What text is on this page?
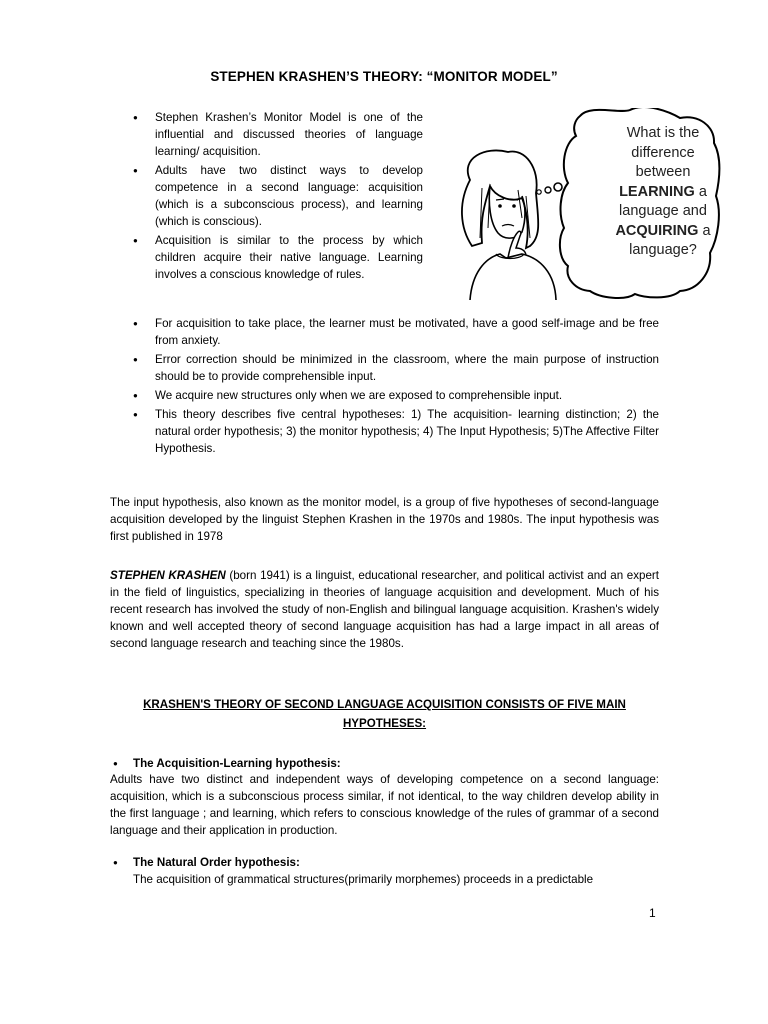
STEPHEN KRASHEN’S THEORY: “MONITOR MODEL”
● Stephen Krashen’s Monitor Model is one of the influential and discussed theories of language learning/ acquisition.
● Adults have two distinct ways to develop competence in a second language: acquisition (which is a subconscious process), and learning (which is conscious).
● Acquisition is similar to the process by which children acquire their native language. Learning involves a conscious knowledge of rules.
What is the
difference
between
LEARNING a
language and
ACQUIRING a
language?
● For acquisition to take place, the learner must be motivated, have a good self-image and be free from anxiety.
● Error correction should be minimized in the classroom, where the main purpose of instruction should be to provide comprehensible input.
● We acquire new structures only when we are exposed to comprehensible input.
● This theory describes five central hypotheses: 1) The acquisition- learning distinction; 2) the natural order hypothesis; 3) the monitor hypothesis; 4) The Input Hypothesis; 5)The Affective Filter Hypothesis.
The input hypothesis, also known as the monitor model, is a group of five hypotheses of second-language acquisition developed by the linguist Stephen Krashen in the 1970s and 1980s. The input hypothesis was first published in 1978
STEPHEN KRASHEN (born 1941) is a linguist, educational researcher, and political activist and an expert in the field of linguistics, specializing in theories of language acquisition and development. Much of his recent research has involved the study of non-English and bilingual language acquisition. Krashen's widely known and well accepted theory of second language acquisition has had a large impact in all areas of second language research and teaching since the 1980s.
KRASHEN'S THEORY OF SECOND LANGUAGE ACQUISITION CONSISTS OF FIVE MAIN
HYPOTHESES:
● The Acquisition-Learning hypothesis:
Adults have two distinct and independent ways of developing competence on a second language: acquisition, which is a subconscious process similar, if not identical, to the way children develop ability in the first language ; and learning, which refers to conscious knowledge of the rules of grammar of a second language and their application in production.
● The Natural Order hypothesis:
The acquisition of grammatical structures(primarily morphemes) proceeds in a predictable
1
